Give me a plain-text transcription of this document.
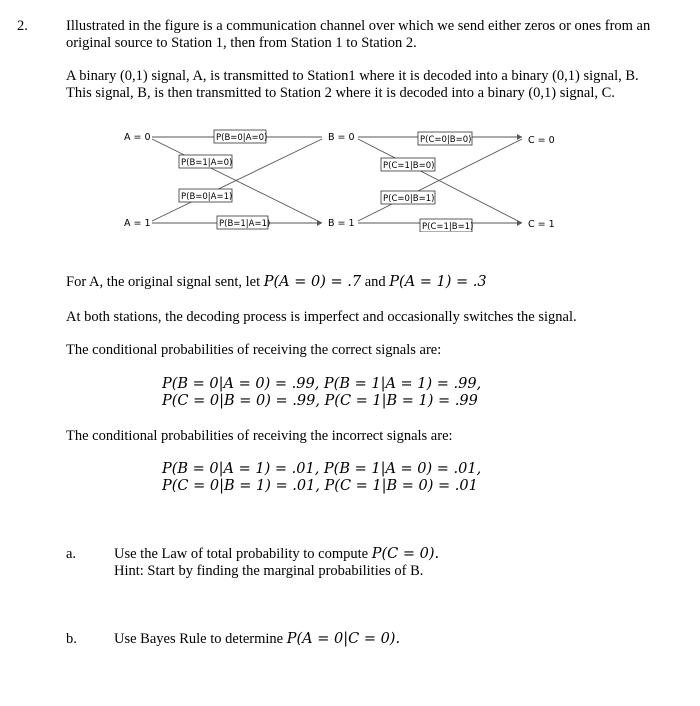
2.	Illustrated in the figure is a communication channel over which we send either zeros or ones from an
original source to Station 1, then from Station 1 to Station 2.
A binary (0,1) signal, A, is transmitted to Station1 where it is decoded into a binary (0,1) signal, B.
This signal, B, is then transmitted to Station 2 where it is decoded into a binary (0,1) signal, C.
A = 0
A = 1
B = 0
B = 1
C = 0
C = 1
P(B=0|A=0)
P(B=1|A=0)
P(B=0|A=1)
P(B=1|A=1)
P(C=0|B=0)
P(C=1|B=0)
P(C=0|B=1)
P(C=1|B=1)
For A, the original signal sent, let P(A = 0) = .7 and P(A = 1) = .3
At both stations, the decoding process is imperfect and occasionally switches the signal.
The conditional probabilities of receiving the correct signals are:
P(B = 0|A = 0) = .99, P(B = 1|A = 1) = .99,
P(C = 0|B = 0) = .99, P(C = 1|B = 1) = .99
The conditional probabilities of receiving the incorrect signals are:
P(B = 0|A = 1) = .01, P(B = 1|A = 0) = .01,
P(C = 0|B = 1) = .01, P(C = 1|B = 0) = .01
a.	Use the Law of total probability to compute P(C = 0).
Hint: Start by finding the marginal probabilities of B.
b.	Use Bayes Rule to determine P(A = 0|C = 0).
